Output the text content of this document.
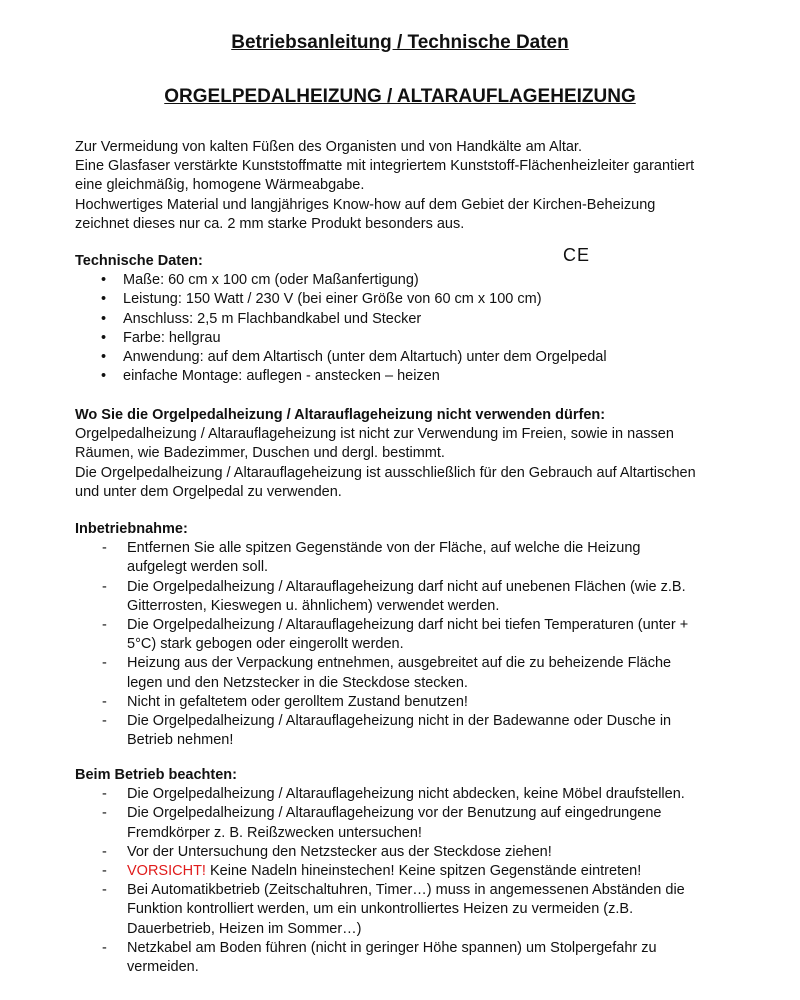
Betriebsanleitung / Technische Daten
ORGELPEDALHEIZUNG / ALTARAUFLAGEHEIZUNG

Zur Vermeidung von kalten Füßen des Organisten und von Handkälte am Altar.

Eine Glasfaser verstärkte Kunststoffmatte mit integriertem Kunststoff-Flächenheizleiter garantiert

eine gleichmäßig, homogene Wärmeabgabe.

Hochwertiges Material und langjähriges Know-how auf dem Gebiet der Kirchen-Beheizung

zeichnet dieses nur ca. 2 mm starke Produkt besonders aus.

CE

Technische Daten:

• Maße: 60 cm x 100 cm (oder Maßanfertigung)
• Leistung: 150 Watt / 230 V (bei einer Größe von 60 cm x 100 cm)
• Anschluss: 2,5 m Flachbandkabel und Stecker
• Farbe: hellgrau
• Anwendung: auf dem Altartisch (unter dem Altartuch) unter dem Orgelpedal
• einfache Montage: auflegen - anstecken – heizen

Wo Sie die Orgelpedalheizung / Altarauflageheizung nicht verwenden dürfen:

Orgelpedalheizung / Altarauflageheizung ist nicht zur Verwendung im Freien, sowie in nassen

Räumen, wie Badezimmer, Duschen und dergl. bestimmt.

Die Orgelpedalheizung / Altarauflageheizung ist ausschließlich für den Gebrauch auf Altartischen

und unter dem Orgelpedal zu verwenden.

Inbetriebnahme:

- Entfernen Sie alle spitzen Gegenstände von der Fläche, auf welche die Heizung
aufgelegt werden soll.
- Die Orgelpedalheizung / Altarauflageheizung darf nicht auf unebenen Flächen (wie z.B.
Gitterrosten, Kieswegen u. ähnlichem) verwendet werden.
- Die Orgelpedalheizung / Altarauflageheizung darf nicht bei tiefen Temperaturen (unter +
5°C) stark gebogen oder eingerollt werden.
- Heizung aus der Verpackung entnehmen, ausgebreitet auf die zu beheizende Fläche
legen und den Netzstecker in die Steckdose stecken.
- Nicht in gefaltetem oder gerolltem Zustand benutzen!
- Die Orgelpedalheizung / Altarauflageheizung nicht in der Badewanne oder Dusche in
Betrieb nehmen!

Beim Betrieb beachten:

- Die Orgelpedalheizung / Altarauflageheizung nicht abdecken, keine Möbel draufstellen.
- Die Orgelpedalheizung / Altarauflageheizung vor der Benutzung auf eingedrungene
Fremdkörper z. B. Reißzwecken untersuchen!
- Vor der Untersuchung den Netzstecker aus der Steckdose ziehen!
- VORSICHT! Keine Nadeln hineinstechen! Keine spitzen Gegenstände eintreten!
- Bei Automatikbetrieb (Zeitschaltuhren, Timer…) muss in angemessenen Abständen die
Funktion kontrolliert werden, um ein unkontrolliertes Heizen zu vermeiden (z.B.
Dauerbetrieb, Heizen im Sommer…)
- Netzkabel am Boden führen (nicht in geringer Höhe spannen) um Stolpergefahr zu
vermeiden.
